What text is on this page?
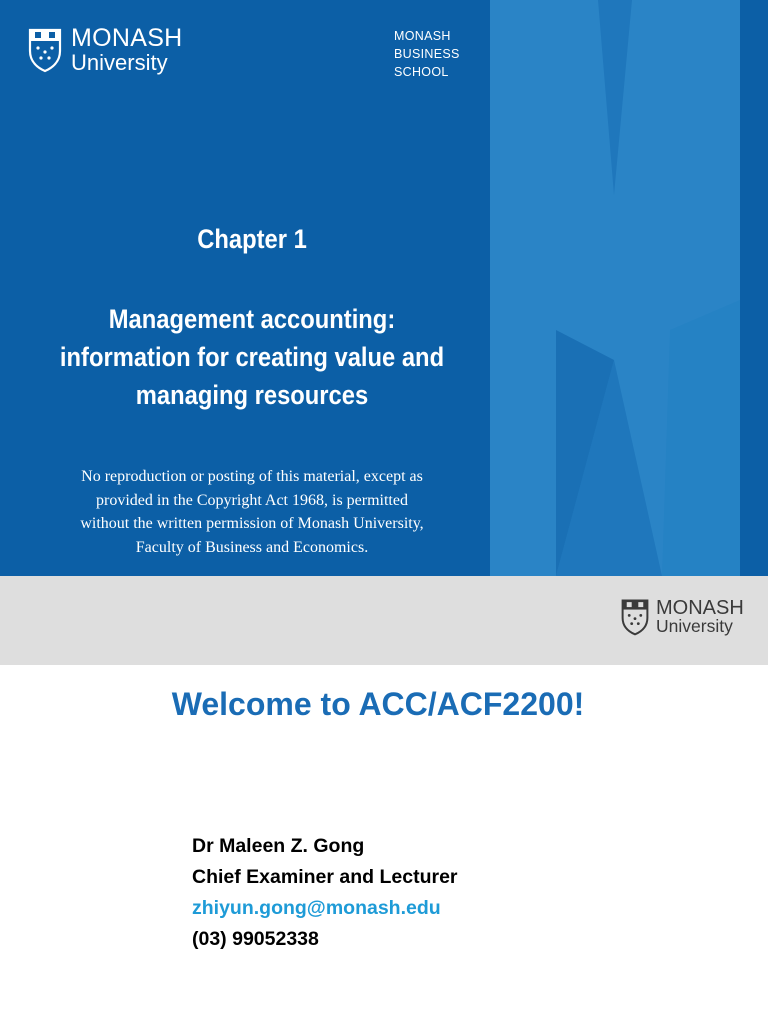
MONASH
University
MONASH
BUSINESS
SCHOOL
Chapter 1
Management accounting:
information for creating value and
managing resources
No reproduction or posting of this material, except as
provided in the Copyright Act 1968, is permitted
without the written permission of Monash University,
Faculty of Business and Economics.
MONASH
University
Welcome to ACC/ACF2200!
Dr Maleen Z. Gong
Chief Examiner and Lecturer
zhiyun.gong@monash.edu
(03) 99052338
